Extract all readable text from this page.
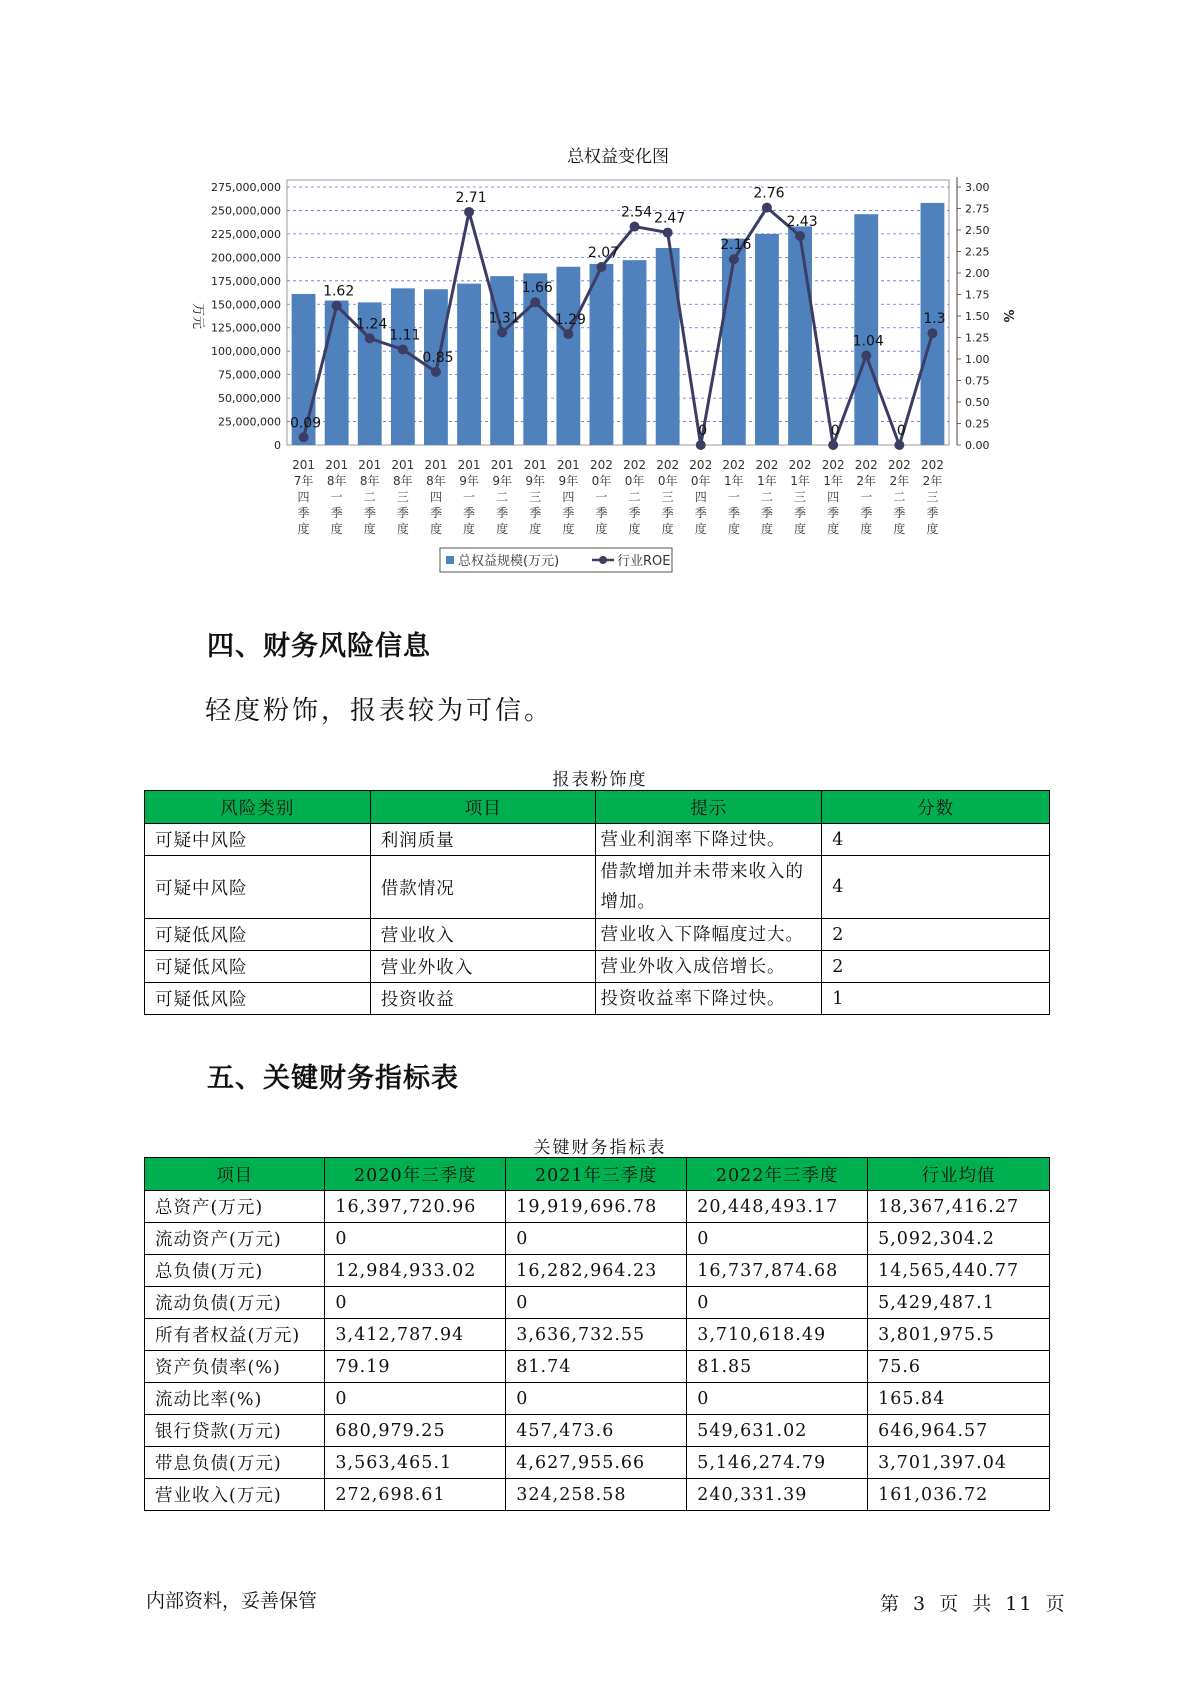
总权益变化图
0
25,000,000
50,000,000
75,000,000
100,000,000
125,000,000
150,000,000
175,000,000
200,000,000
225,000,000
250,000,000
275,000,000
0.00
0.25
0.50
0.75
1.00
1.25
1.50
1.75
2.00
2.25
2.50
2.75
3.00
万元	%
0.09
1.62
1.24
1.11
0.85
2.71
1.31
1.66
1.29
2.07
2.54 2.47
0
2.16
2.76
2.43
0
1.04
0
1.3
201
7年
四
季
度
201
8年
一
季
度
201
8年
二
季
度
201
8年
三
季
度
201
8年
四
季
度
201
9年
一
季
度
201
9年
二
季
度
201
9年
三
季
度
201
9年
四
季
度
202
0年
一
季
度
202
0年
二
季
度
202
0年
三
季
度
202
0年
四
季
度
202
1年
一
季
度
202
1年
二
季
度
202
1年
三
季
度
202
1年
四
季
度
202
2年
一
季
度
202
2年
二
季
度
202
2年
三
季
度
总权益规模(万元)	行业ROE
四、财务风险信息

轻度粉饰，报表较为可信。

报表粉饰度
风险类别	项目	提示	分数
可疑中风险	利润质量	营业利润率下降过快。	4
可疑中风险	借款情况	借款增加并未带来收入的增加。	4
可疑低风险	营业收入	营业收入下降幅度过大。	2
可疑低风险	营业外收入	营业外收入成倍增长。	2
可疑低风险	投资收益	投资收益率下降过快。	1
五、关键财务指标表
关键财务指标表
项目	2020年三季度	2021年三季度	2022年三季度	行业均值
总资产(万元)	16,397,720.96	19,919,696.78	20,448,493.17	18,367,416.27
流动资产(万元)	0	0	0	5,092,304.2
总负债(万元)	12,984,933.02	16,282,964.23	16,737,874.68	14,565,440.77
流动负债(万元)	0	0	0	5,429,487.1
所有者权益(万元)	3,412,787.94	3,636,732.55	3,710,618.49	3,801,975.5
资产负债率(%)	79.19	81.74	81.85	75.6
流动比率(%)	0	0	0	165.84
银行贷款(万元)	680,979.25	457,473.6	549,631.02	646,964.57
带息负债(万元)	3,563,465.1	4,627,955.66	5,146,274.79	3,701,397.04
营业收入(万元)	272,698.61	324,258.58	240,331.39	161,036.72
内部资料，妥善保管	第 3 页 共 11 页
